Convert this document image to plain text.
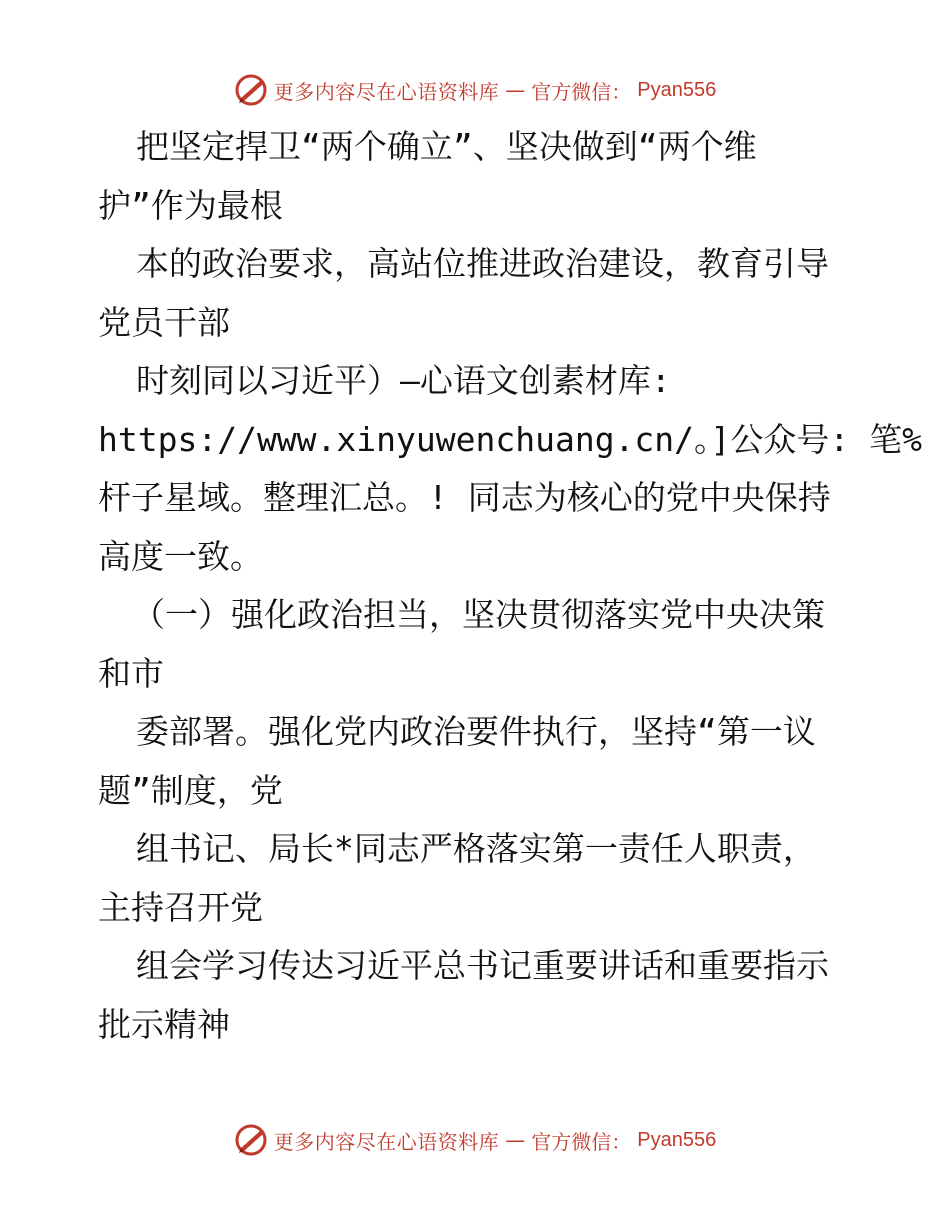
更多内容尽在心语资料库 — 官方微信： Pyan556
把坚定捍卫“两个确立”、坚决做到“两个维
护”作为最根
本的政治要求，高站位推进政治建设，教育引导
党员干部
时刻同以习近平）—心语文创素材库:
https://www.xinyuwenchuang.cn/。]公众号: 笔%
杆子星域。整理汇总。! 同志为核心的党中央保持
高度一致。
（一）强化政治担当，坚决贯彻落实党中央决策
和市
委部署。强化党内政治要件执行，坚持“第一议
题”制度，党
组书记、局长*同志严格落实第一责任人职责，
主持召开党
组会学习传达习近平总书记重要讲话和重要指示
批示精神
更多内容尽在心语资料库 — 官方微信： Pyan556
